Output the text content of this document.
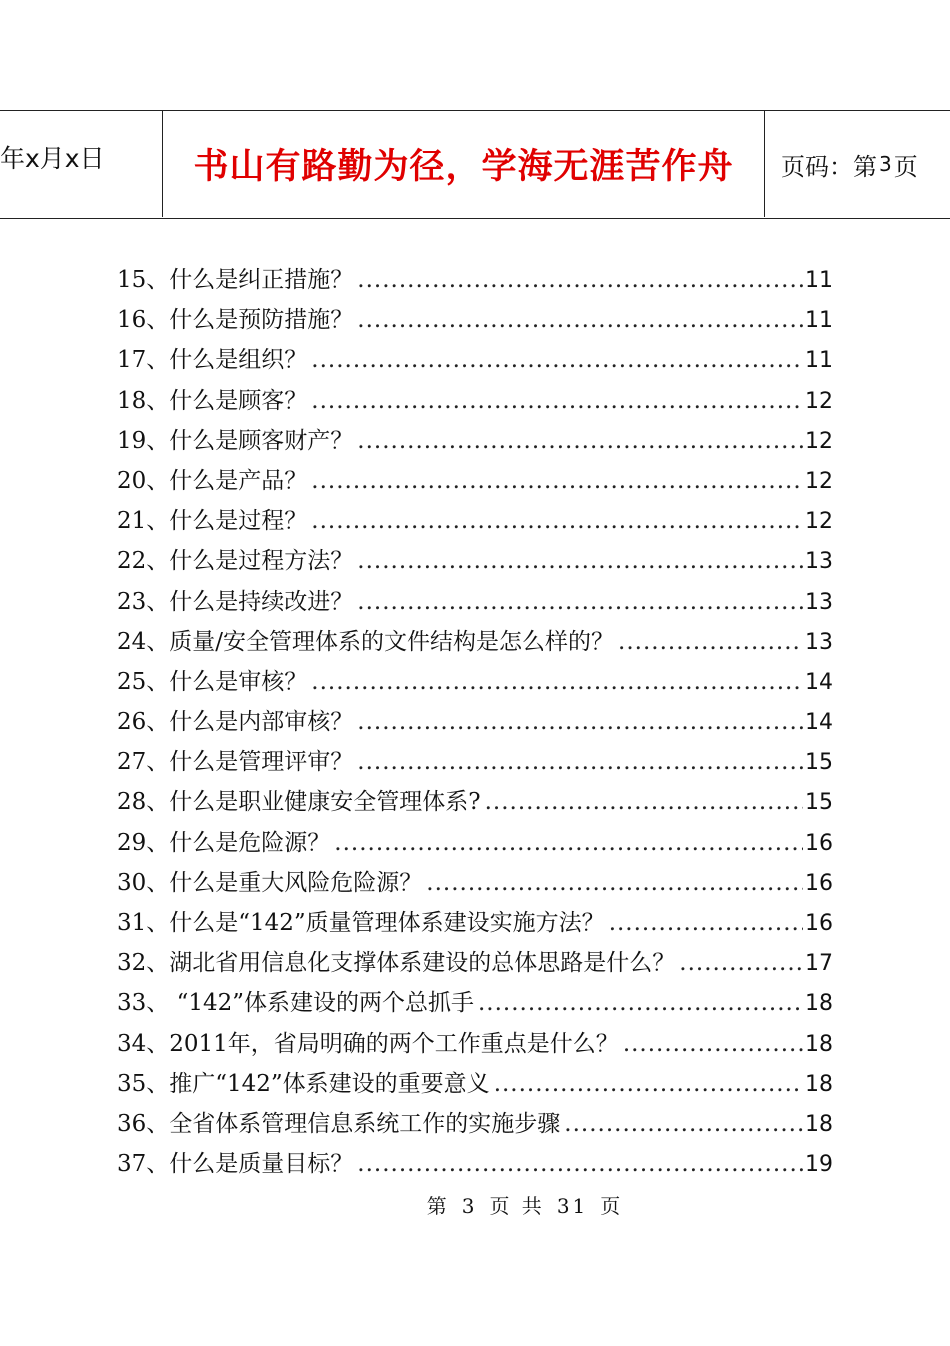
年x月x日	书山有路勤为径，学海无涯苦作舟	页码：第 3 页
15、什么是纠正措施？ .....	11
16、什么是预防措施？ .....	11
17、什么是组织？ .....	11
18、什么是顾客？ .....	12
19、什么是顾客财产？ .....	12
20、什么是产品？ .....	12
21、什么是过程？ .....	12
22、什么是过程方法？ .....	13
23、什么是持续改进？ .....	13
24、质量/安全管理体系的文件结构是怎么样的？ .....	13
25、什么是审核？ .....	14
26、什么是内部审核？ .....	14
27、什么是管理评审？ .....	15
28、什么是职业健康安全管理体系? .....	15
29、什么是危险源？ .....	16
30、什么是重大风险危险源？ .....	16
31、什么是“142”质量管理体系建设实施方法？ .....	16
32、湖北省用信息化支撑体系建设的总体思路是什么？ .....	17
33、 “142”体系建设的两个总抓手 .....	18
34、2011年，省局明确的两个工作重点是什么？ .....	18
35、推广“142”体系建设的重要意义 .....	18
36、全省体系管理信息系统工作的实施步骤 .....	18
37、什么是质量目标？ .....	19
第 3 页 共 31 页
